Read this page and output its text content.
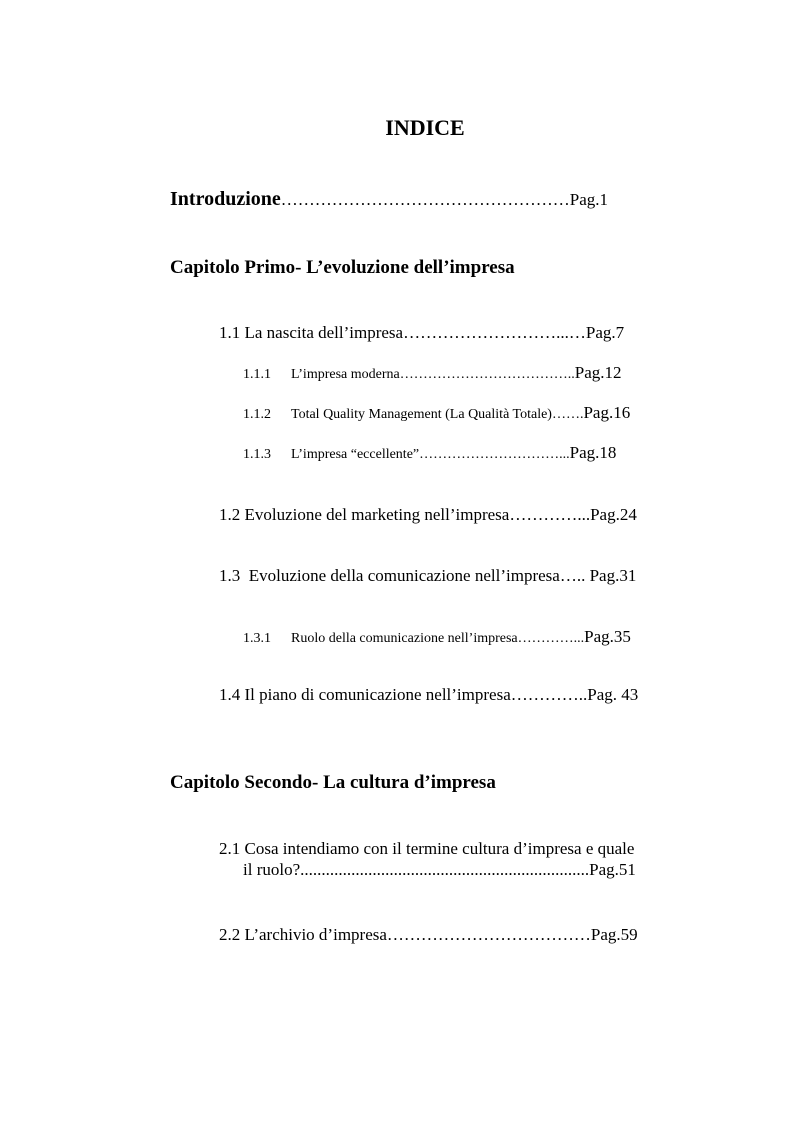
INDICE
Introduzione……………………………………………Pag.1
Capitolo Primo- L’evoluzione dell’impresa
1.1 La nascita dell’impresa………………………...…Pag.7
1.1.1 L’impresa moderna………………………………..Pag.12
1.1.2 Total Quality Management (La Qualità Totale)…….Pag.16
1.1.3 L’impresa “eccellente”…………………………...Pag.18
1.2 Evoluzione del marketing nell’impresa…………...Pag.24
1.3  Evoluzione della comunicazione nell’impresa….. Pag.31
1.3.1 Ruolo della comunicazione nell’impresa…………...Pag.35
1.4 Il piano di comunicazione nell’impresa…………..Pag. 43
Capitolo Secondo- La cultura d’impresa
2.1 Cosa intendiamo con il termine cultura d’impresa e quale
il ruolo?....................................................................Pag.51
2.2 L’archivio d’impresa………………………………Pag.59
